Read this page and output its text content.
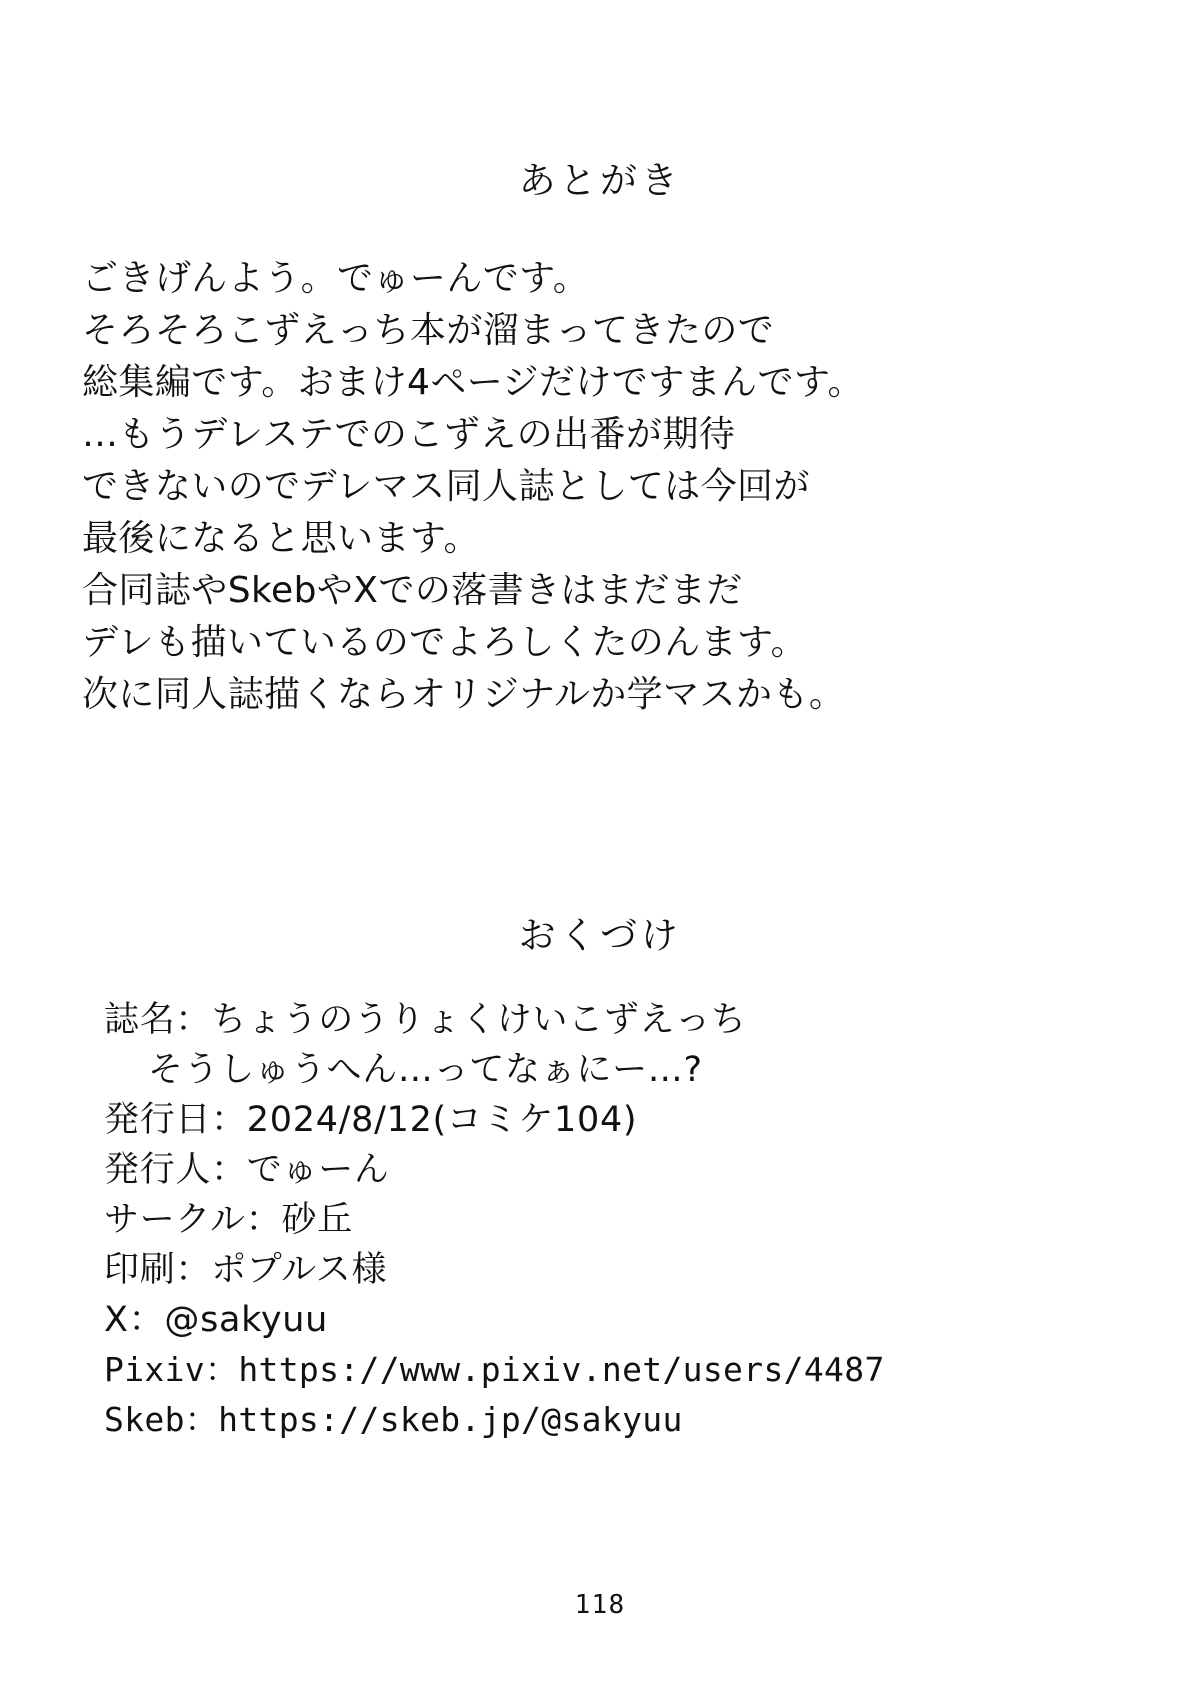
あとがき
ごきげんよう。でゅーんです。
そろそろこずえっち本が溜まってきたので
総集編です。おまけ4ページだけですまんです。
…もうデレステでのこずえの出番が期待
できないのでデレマス同人誌としては今回が
最後になると思います。
合同誌やSkebやXでの落書きはまだまだ
デレも描いているのでよろしくたのんます。
次に同人誌描くならオリジナルか学マスかも。
おくづけ
誌名：ちょうのうりょくけいこずえっち
そうしゅうへん…ってなぁにー…?
発行日：2024/8/12(コミケ104)
発行人：でゅーん
サークル：砂丘
印刷：ポプルス様
X：@sakyuu
Pixiv：https://www.pixiv.net/users/4487
Skeb：https://skeb.jp/@sakyuu
118
